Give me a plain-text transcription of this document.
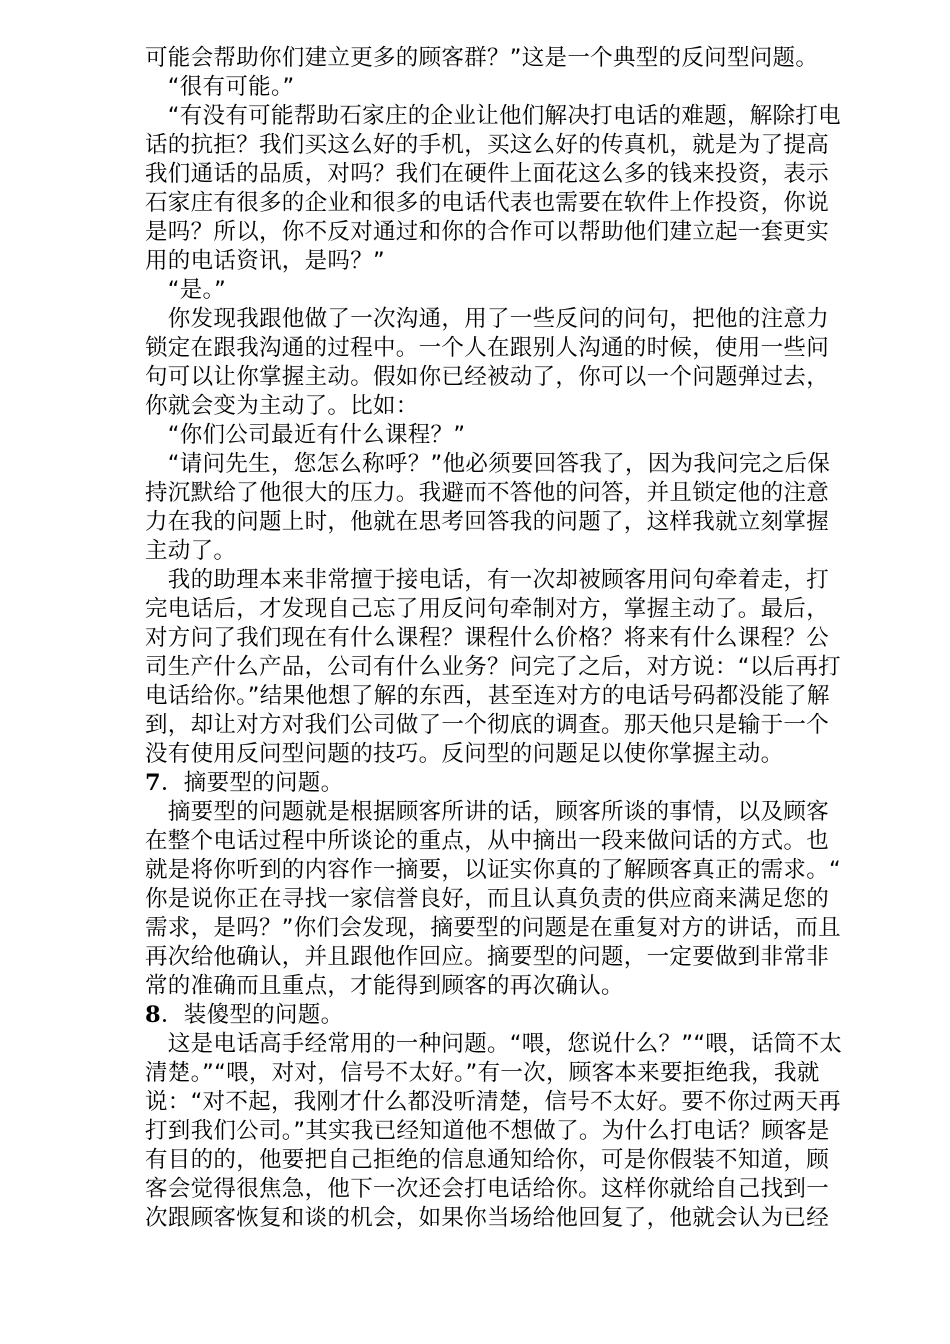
可能会帮助你们建立更多的顾客群？”这是一个典型的反问型问题。
　“很有可能。”
　“有没有可能帮助石家庄的企业让他们解决打电话的难题，解除打电
话的抗拒？我们买这么好的手机，买这么好的传真机，就是为了提高
我们通话的品质，对吗？我们在硬件上面花这么多的钱来投资，表示
石家庄有很多的企业和很多的电话代表也需要在软件上作投资，你说
是吗？所以，你不反对通过和你的合作可以帮助他们建立起一套更实
用的电话资讯，是吗？”
　“是。”
　你发现我跟他做了一次沟通，用了一些反问的问句，把他的注意力
锁定在跟我沟通的过程中。一个人在跟别人沟通的时候，使用一些问
句可以让你掌握主动。假如你已经被动了，你可以一个问题弹过去，
你就会变为主动了。比如：
　“你们公司最近有什么课程？”
　“请问先生，您怎么称呼？”他必须要回答我了，因为我问完之后保
持沉默给了他很大的压力。我避而不答他的问答，并且锁定他的注意
力在我的问题上时，他就在思考回答我的问题了，这样我就立刻掌握
主动了。
　我的助理本来非常擅于接电话，有一次却被顾客用问句牵着走，打
完电话后，才发现自己忘了用反问句牵制对方，掌握主动了。最后，
对方问了我们现在有什么课程？课程什么价格？将来有什么课程？公
司生产什么产品，公司有什么业务？问完了之后，对方说：“以后再打
电话给你。”结果他想了解的东西，甚至连对方的电话号码都没能了解
到，却让对方对我们公司做了一个彻底的调查。那天他只是输于一个
没有使用反问型问题的技巧。反问型的问题足以使你掌握主动。
7．摘要型的问题。
　摘要型的问题就是根据顾客所讲的话，顾客所谈的事情，以及顾客
在整个电话过程中所谈论的重点，从中摘出一段来做问话的方式。也
就是将你听到的内容作一摘要，以证实你真的了解顾客真正的需求。“
你是说你正在寻找一家信誉良好，而且认真负责的供应商来满足您的
需求，是吗？”你们会发现，摘要型的问题是在重复对方的讲话，而且
再次给他确认，并且跟他作回应。摘要型的问题，一定要做到非常非
常的准确而且重点，才能得到顾客的再次确认。
8．装傻型的问题。
　这是电话高手经常用的一种问题。“喂，您说什么？”“喂，话筒不太
清楚。”“喂，对对，信号不太好。”有一次，顾客本来要拒绝我，我就
说：“对不起，我刚才什么都没听清楚，信号不太好。要不你过两天再
打到我们公司。”其实我已经知道他不想做了。为什么打电话？顾客是
有目的的，他要把自己拒绝的信息通知给你，可是你假装不知道，顾
客会觉得很焦急，他下一次还会打电话给你。这样你就给自己找到一
次跟顾客恢复和谈的机会，如果你当场给他回复了，他就会认为已经
